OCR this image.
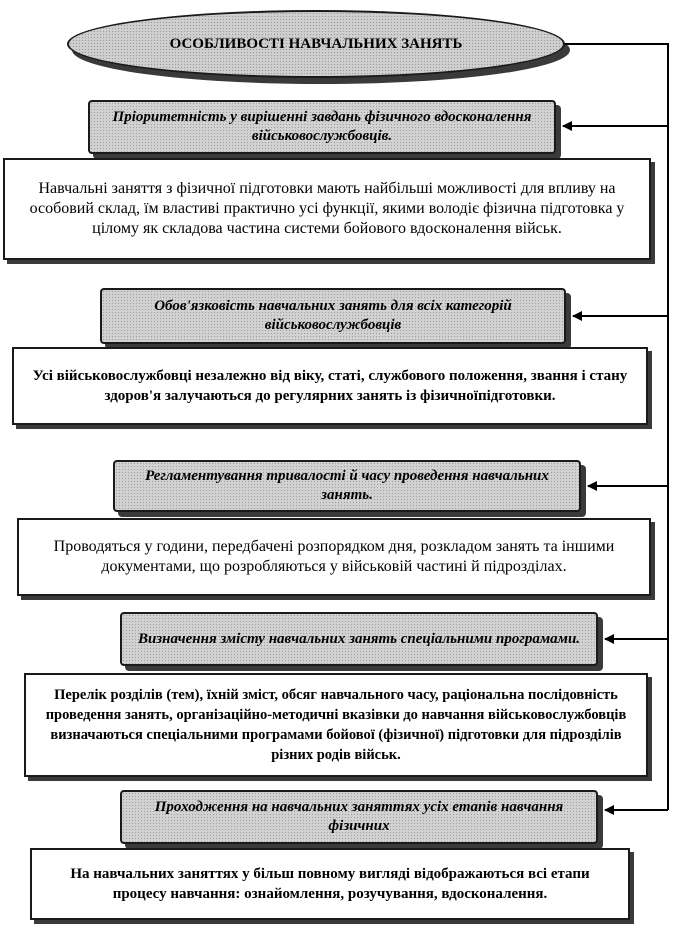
ОСОБЛИВОСТІ НАВЧАЛЬНИХ ЗАНЯТЬ
Пріоритетність у вирішенні завдань фізичного вдосконалення військовослужбовців.
Навчальні заняття з фізичної підготовки мають найбільші можливості для впливу на особовий склад, їм властиві практично усі функції, якими володіє фізична підготовка у цілому як складова частина системи бойового вдосконалення військ.
Обов'язковість навчальних занять для всіх категорій військовослужбовців
Усі військовослужбовці незалежно від віку, статі, службового положення, звання і стану здоров'я залучаються до регулярних занять із фізичноїпідготовки.
Регламентування тривалості й часу проведення навчальних занять.
Проводяться у години, передбачені розпорядком дня, розкладом занять та іншими документами, що розробляються у військовій частині й підрозділах.
Визначення змісту навчальних занять спеціальними програмами.
Перелік розділів (тем), їхній зміст, обсяг навчального часу, раціональна послідовність проведення занять, організаційно-методичні вказівки до навчання військовослужбовців визначаються спеціальними програмами бойової (фізичної) підготовки для підрозділів різних родів військ.
Проходження на навчальних заняттях усіх етапів навчання фізичних
На навчальних заняттях у більш повному вигляді відображаються всі етапи процесу навчання: ознайомлення, розучування, вдосконалення.
